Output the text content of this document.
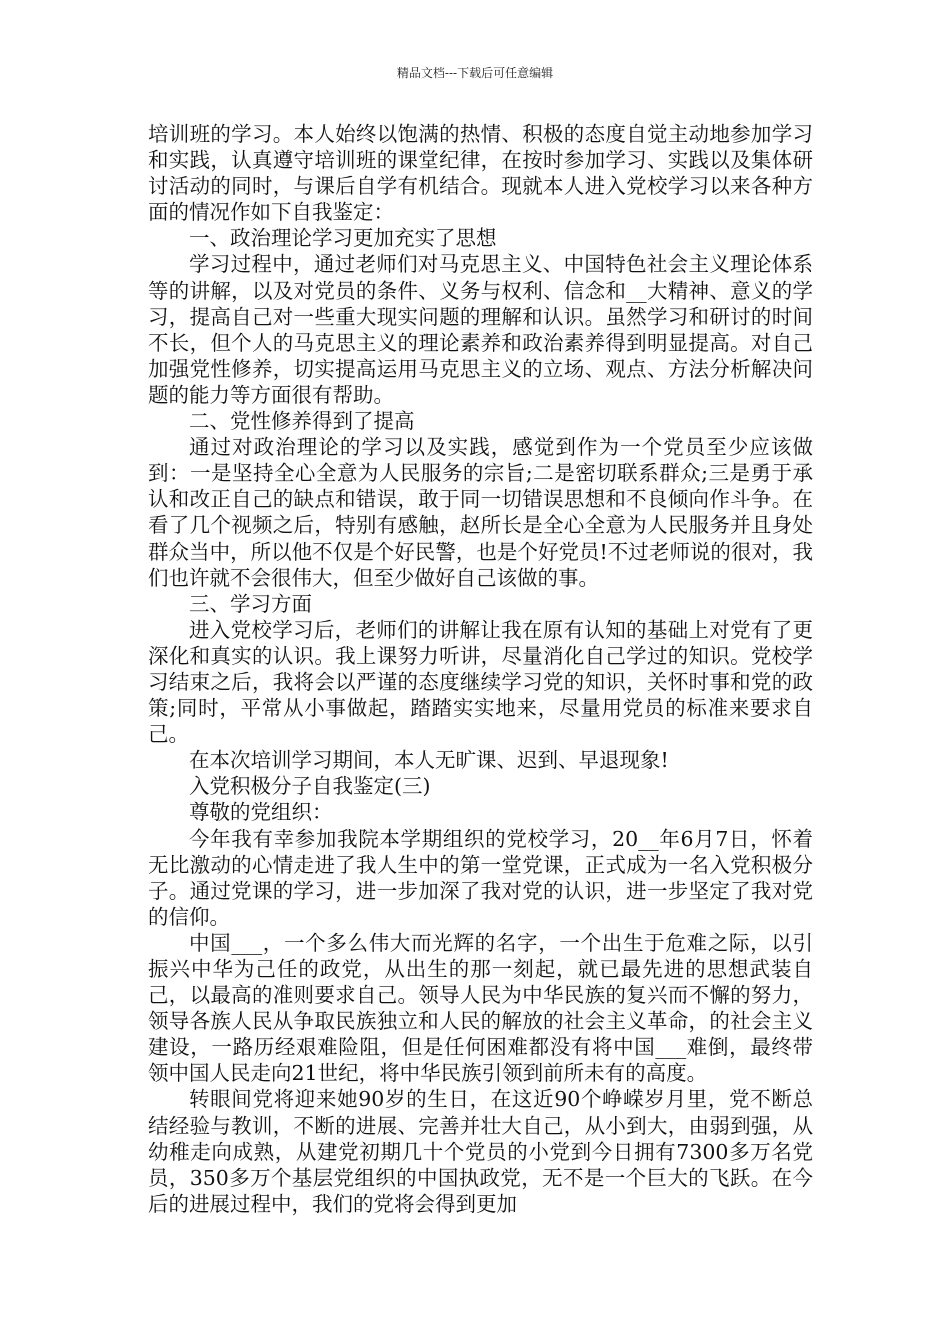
精品文档---下载后可任意编辑

培训班的学习。本人始终以饱满的热情、积极的态度自觉主动地参加学习和实践，认真遵守培训班的课堂纪律，在按时参加学习、实践以及集体研讨活动的同时，与课后自学有机结合。现就本人进入党校学习以来各种方面的情况作如下自我鉴定：

一、政治理论学习更加充实了思想

学习过程中，通过老师们对马克思主义、中国特色社会主义理论体系等的讲解，以及对党员的条件、义务与权利、信念和__大精神、意义的学习，提高自己对一些重大现实问题的理解和认识。虽然学习和研讨的时间不长，但个人的马克思主义的理论素养和政治素养得到明显提高。对自己加强党性修养，切实提高运用马克思主义的立场、观点、方法分析解决问题的能力等方面很有帮助。

二、党性修养得到了提高

通过对政治理论的学习以及实践，感觉到作为一个党员至少应该做到：一是坚持全心全意为人民服务的宗旨;二是密切联系群众;三是勇于承认和改正自己的缺点和错误，敢于同一切错误思想和不良倾向作斗争。在看了几个视频之后，特别有感触，赵所长是全心全意为人民服务并且身处群众当中，所以他不仅是个好民警，也是个好党员!不过老师说的很对，我们也许就不会很伟大，但至少做好自己该做的事。

三、学习方面

进入党校学习后，老师们的讲解让我在原有认知的基础上对党有了更深化和真实的认识。我上课努力听讲，尽量消化自己学过的知识。党校学习结束之后，我将会以严谨的态度继续学习党的知识，关怀时事和党的政策;同时，平常从小事做起，踏踏实实地来，尽量用党员的标准来要求自己。

在本次培训学习期间，本人无旷课、迟到、早退现象!

入党积极分子自我鉴定(三)

尊敬的党组织：

今年我有幸参加我院本学期组织的党校学习，20__年6月7日，怀着无比激动的心情走进了我人生中的第一堂党课，正式成为一名入党积极分子。通过党课的学习，进一步加深了我对党的认识，进一步坚定了我对党的信仰。

中国___，一个多么伟大而光辉的名字，一个出生于危难之际，以引振兴中华为己任的政党，从出生的那一刻起，就已最先进的思想武装自己，以最高的准则要求自己。领导人民为中华民族的复兴而不懈的努力，领导各族人民从争取民族独立和人民的解放的社会主义革命，的社会主义建设，一路历经艰难险阻，但是任何困难都没有将中国___难倒，最终带领中国人民走向21世纪，将中华民族引领到前所未有的高度。

转眼间党将迎来她90岁的生日，在这近90个峥嵘岁月里，党不断总结经验与教训，不断的进展、完善并壮大自己，从小到大，由弱到强，从幼稚走向成熟，从建党初期几十个党员的小党到今日拥有7300多万名党员，350多万个基层党组织的中国执政党，无不是一个巨大的飞跃。在今后的进展过程中，我们的党将会得到更加
